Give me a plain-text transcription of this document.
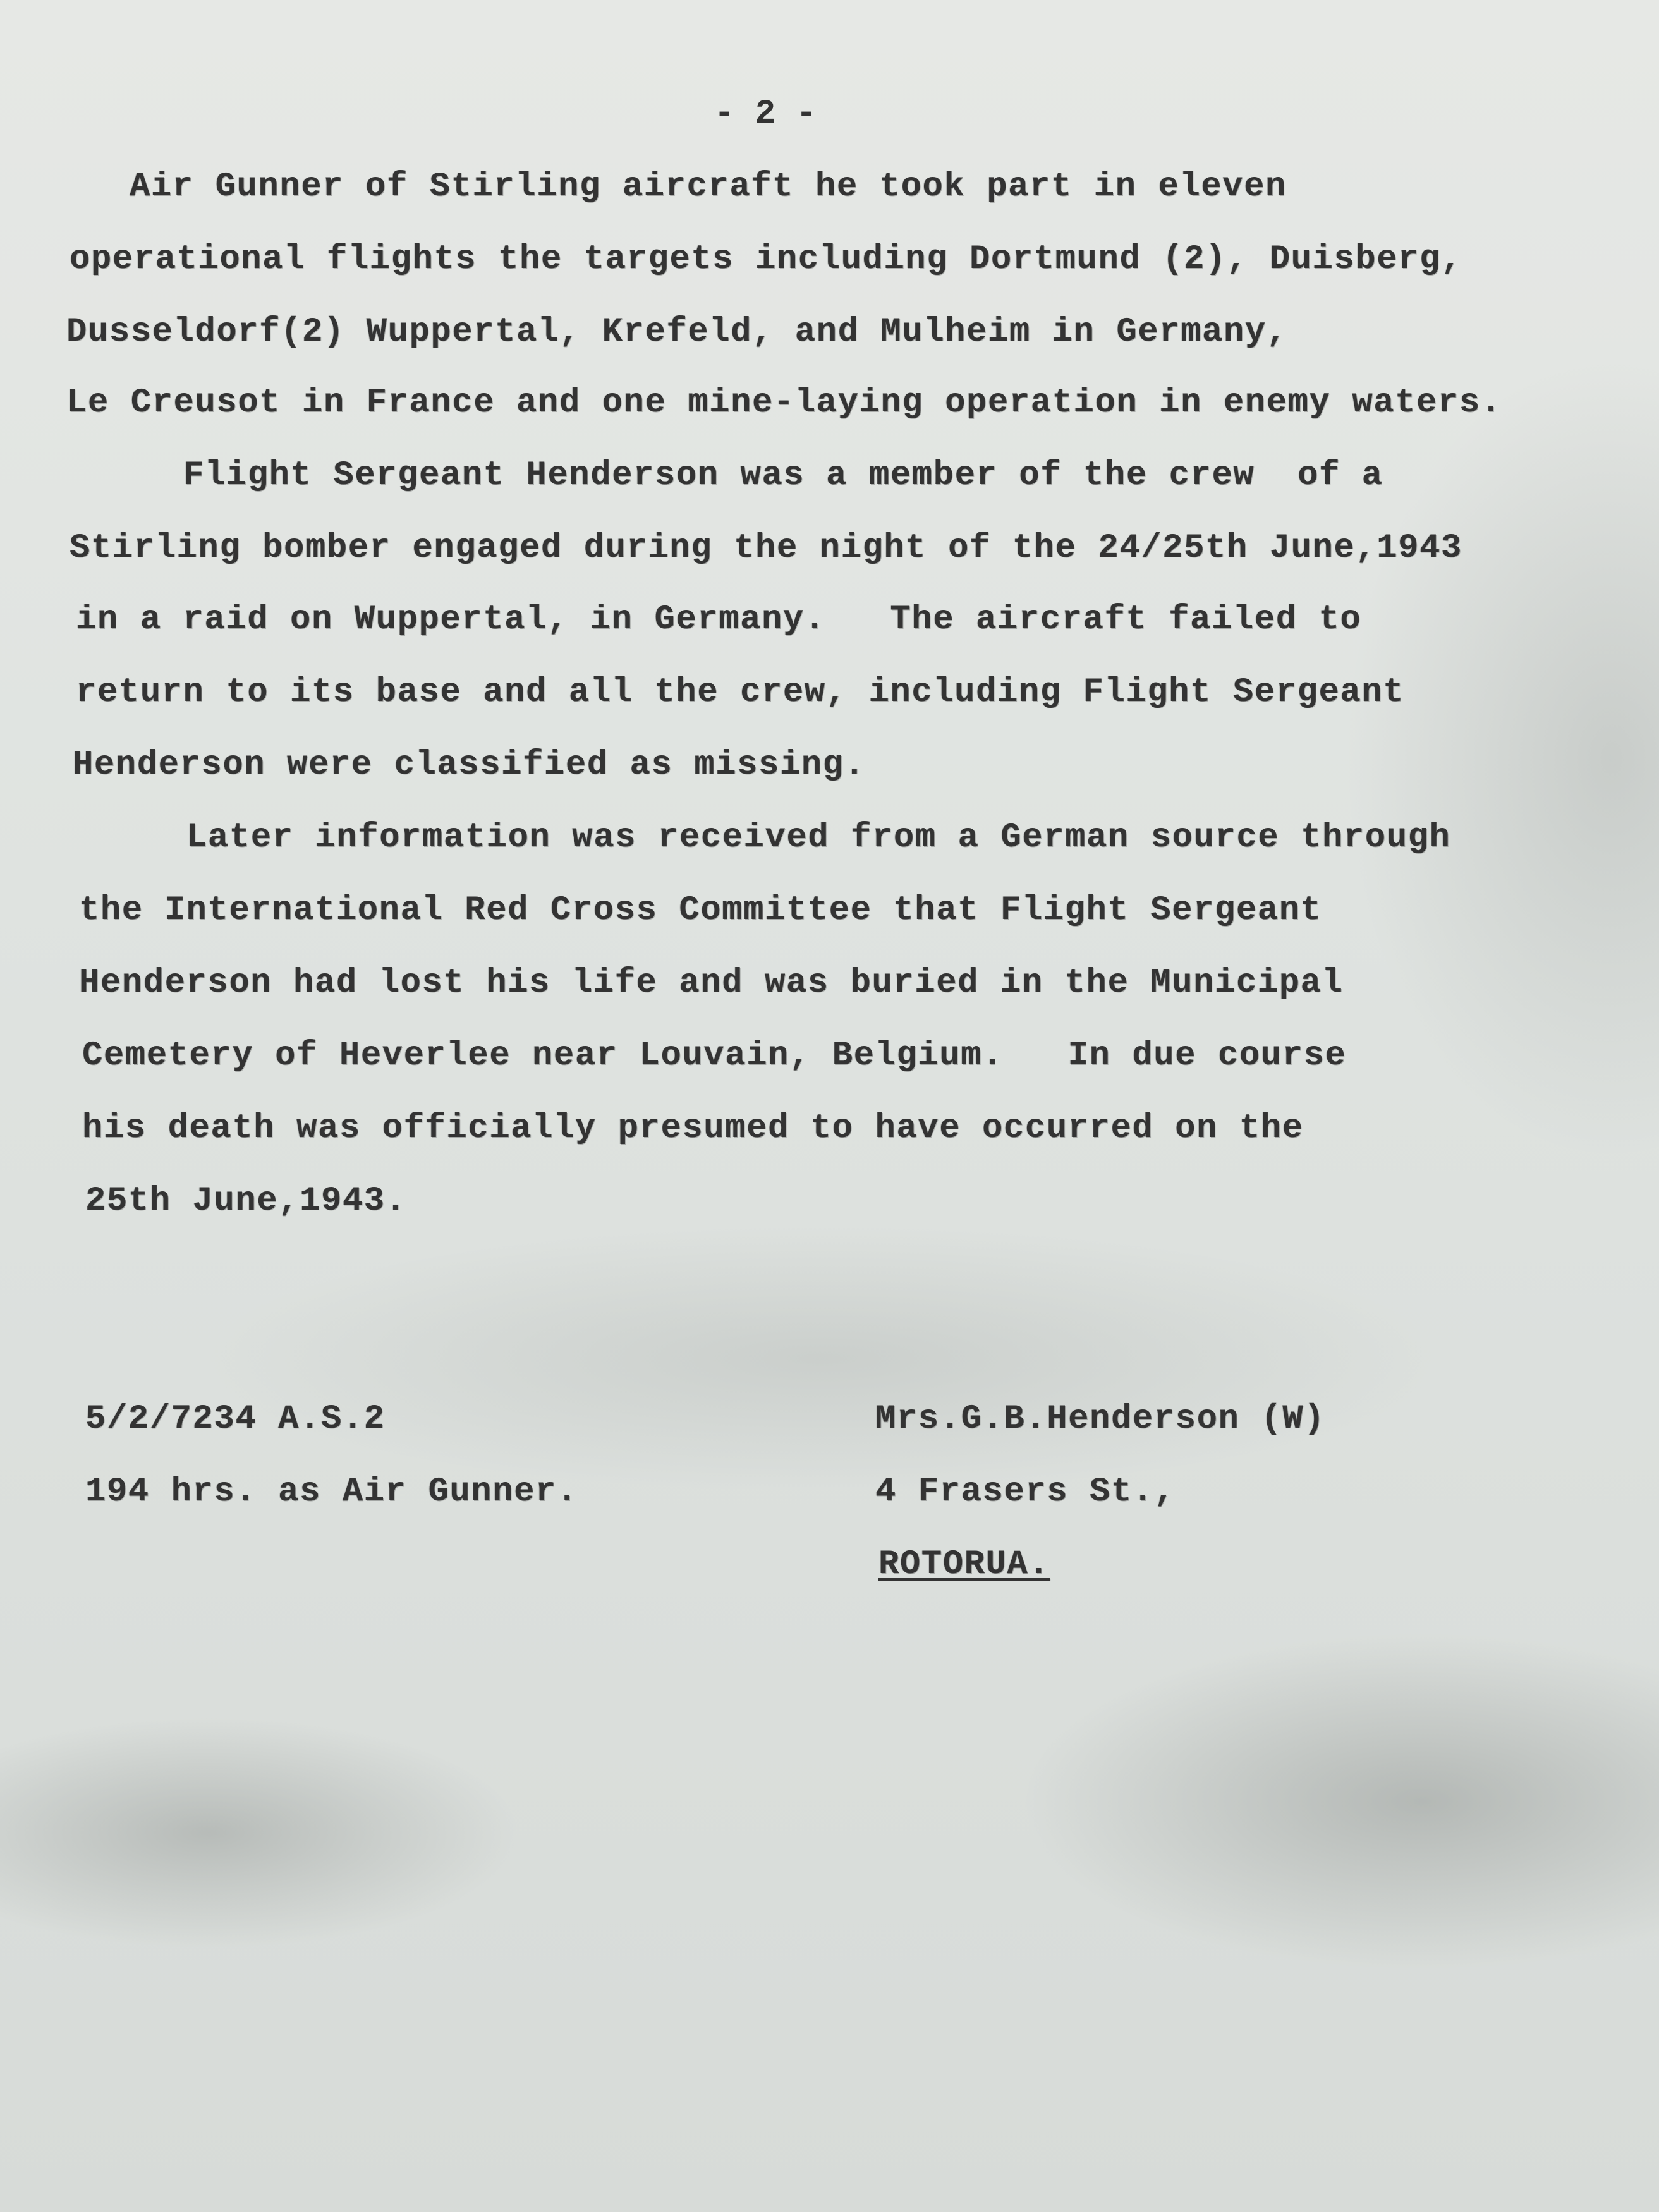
- 2 -
Air Gunner of Stirling aircraft he took part in eleven
operational flights the targets including Dortmund (2), Duisberg,
Dusseldorf(2) Wuppertal, Krefeld, and Mulheim in Germany,
Le Creusot in France and one mine-laying operation in enemy waters.
Flight Sergeant Henderson was a member of the crew  of a
Stirling bomber engaged during the night of the 24/25th June,1943
in a raid on Wuppertal, in Germany.   The aircraft failed to
return to its base and all the crew, including Flight Sergeant
Henderson were classified as missing.
Later information was received from a German source through
the International Red Cross Committee that Flight Sergeant
Henderson had lost his life and was buried in the Municipal
Cemetery of Heverlee near Louvain, Belgium.   In due course
his death was officially presumed to have occurred on the
25th June,1943.
5/2/7234 A.S.2
194 hrs. as Air Gunner.
Mrs.G.B.Henderson (W)
4 Frasers St.,
ROTORUA.
